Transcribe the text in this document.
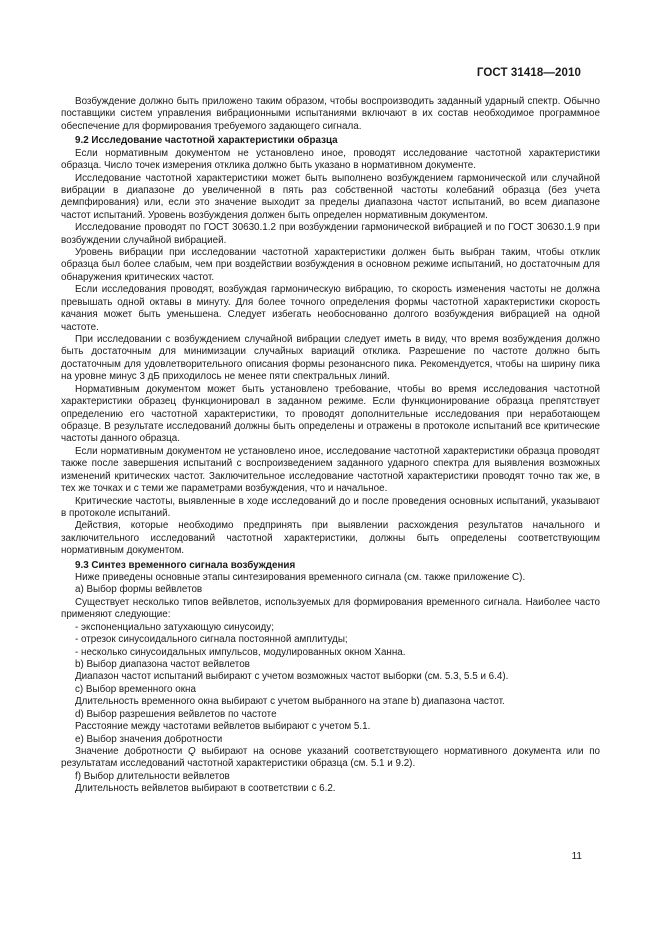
ГОСТ 31418—2010

Возбуждение должно быть приложено таким образом, чтобы воспроизводить заданный ударный спектр. Обычно поставщики систем управления вибрационными испытаниями включают в их состав необходимое программное обеспечение для формирования требуемого задающего сигнала.

9.2 Исследование частотной характеристики образца

Если нормативным документом не установлено иное, проводят исследование частотной характеристики образца. Число точек измерения отклика должно быть указано в нормативном документе.

Исследование частотной характеристики может быть выполнено возбуждением гармонической или случайной вибрации в диапазоне до увеличенной в пять раз собственной частоты колебаний образца (без учета демпфирования) или, если это значение выходит за пределы диапазона частот испытаний, во всем диапазоне частот испытаний. Уровень возбуждения должен быть определен нормативным документом.

Исследование проводят по ГОСТ 30630.1.2 при возбуждении гармонической вибрацией и по ГОСТ 30630.1.9 при возбуждении случайной вибрацией.

Уровень вибрации при исследовании частотной характеристики должен быть выбран таким, чтобы отклик образца был более слабым, чем при воздействии возбуждения в основном режиме испытаний, но достаточным для обнаружения критических частот.

Если исследования проводят, возбуждая гармоническую вибрацию, то скорость изменения частоты не должна превышать одной октавы в минуту. Для более точного определения формы частотной характеристики скорость качания может быть уменьшена. Следует избегать необоснованно долгого возбуждения вибрацией на одной частоте.

При исследовании с возбуждением случайной вибрации следует иметь в виду, что время возбуждения должно быть достаточным для минимизации случайных вариаций отклика. Разрешение по частоте должно быть достаточным для удовлетворительного описания формы резонансного пика. Рекомендуется, чтобы на ширину пика на уровне минус 3 дБ приходилось не менее пяти спектральных линий.

Нормативным документом может быть установлено требование, чтобы во время исследования частотной характеристики образец функционировал в заданном режиме. Если функционирование образца препятствует определению его частотной характеристики, то проводят дополнительные исследования при неработающем образце. В результате исследований должны быть определены и отражены в протоколе испытаний все критические частоты данного образца.

Если нормативным документом не установлено иное, исследование частотной характеристики образца проводят также после завершения испытаний с воспроизведением заданного ударного спектра для выявления возможных изменений критических частот. Заключительное исследование частотной характеристики проводят точно так же, в тех же точках и с теми же параметрами возбуждения, что и начальное.

Критические частоты, выявленные в ходе исследований до и после проведения основных испытаний, указывают в протоколе испытаний.

Действия, которые необходимо предпринять при выявлении расхождения результатов начального и заключительного исследований частотной характеристики, должны быть определены соответствующим нормативным документом.

9.3 Синтез временного сигнала возбуждения

Ниже приведены основные этапы синтезирования временного сигнала (см. также приложение С).

a) Выбор формы вейвлетов

Существует несколько типов вейвлетов, используемых для формирования временного сигнала. Наиболее часто применяют следующие:

- экспоненциально затухающую синусоиду;

- отрезок синусоидального сигнала постоянной амплитуды;

- несколько синусоидальных импульсов, модулированных окном Ханна.

b) Выбор диапазона частот вейвлетов

Диапазон частот испытаний выбирают с учетом возможных частот выборки (см. 5.3, 5.5 и 6.4).

c) Выбор временного окна

Длительность временного окна выбирают с учетом выбранного на этапе b) диапазона частот.

d) Выбор разрешения вейвлетов по частоте

Расстояние между частотами вейвлетов выбирают с учетом 5.1.

e) Выбор значения добротности

Значение добротности Q выбирают на основе указаний соответствующего нормативного документа или по результатам исследований частотной характеристики образца (см. 5.1 и 9.2).

f) Выбор длительности вейвлетов

Длительность вейвлетов выбирают в соответствии с 6.2.

11
